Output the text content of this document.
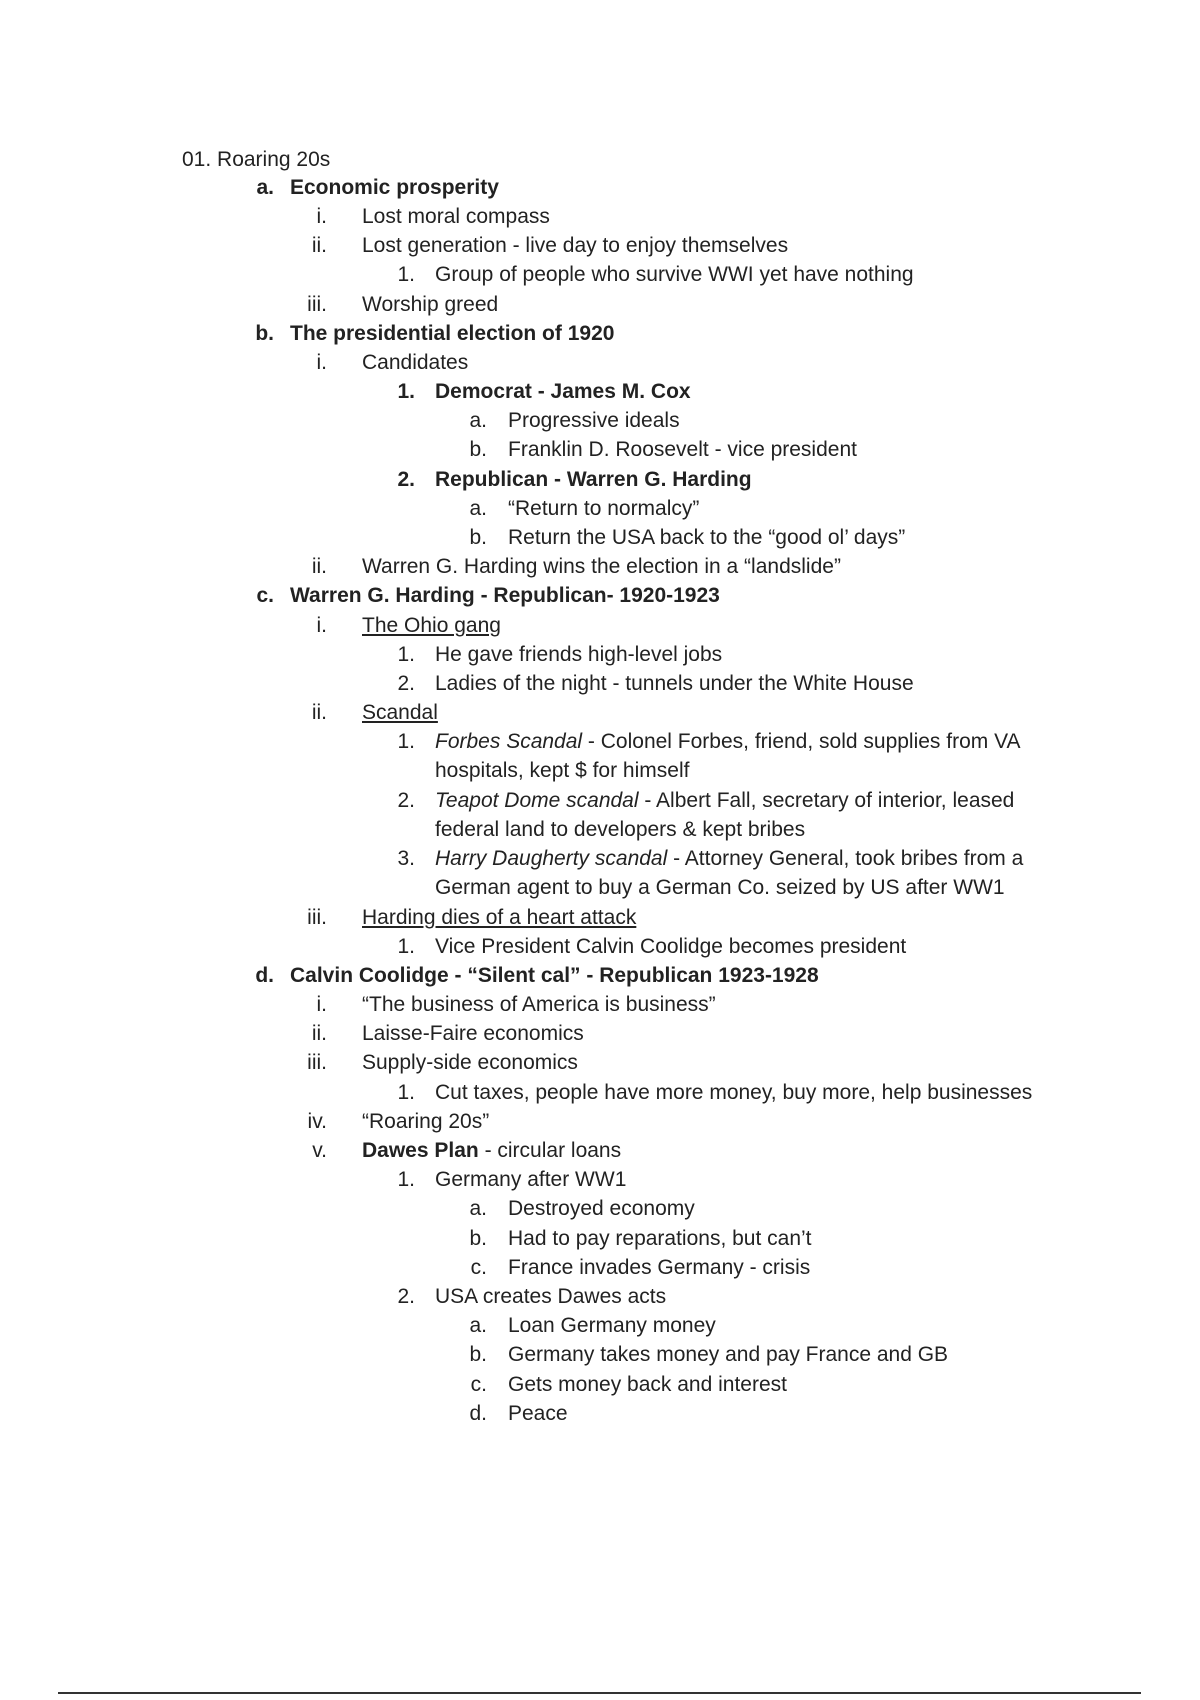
01. Roaring 20s
a. Economic prosperity
i. Lost moral compass
ii. Lost generation - live day to enjoy themselves
1. Group of people who survive WWI yet have nothing
iii. Worship greed
b. The presidential election of 1920
i. Candidates
1. Democrat - James M. Cox
a. Progressive ideals
b. Franklin D. Roosevelt - vice president
2. Republican - Warren G. Harding
a. “Return to normalcy”
b. Return the USA back to the “good ol’ days”
ii. Warren G. Harding wins the election in a “landslide”
c. Warren G. Harding - Republican- 1920-1923
i. The Ohio gang
1. He gave friends high-level jobs
2. Ladies of the night - tunnels under the White House
ii. Scandal
1. Forbes Scandal - Colonel Forbes, friend, sold supplies from VA
hospitals, kept $ for himself
2. Teapot Dome scandal - Albert Fall, secretary of interior, leased
federal land to developers & kept bribes
3. Harry Daugherty scandal - Attorney General, took bribes from a
German agent to buy a German Co. seized by US after WW1
iii. Harding dies of a heart attack
1. Vice President Calvin Coolidge becomes president
d. Calvin Coolidge - “Silent cal” - Republican 1923-1928
i. “The business of America is business”
ii. Laisse-Faire economics
iii. Supply-side economics
1. Cut taxes, people have more money, buy more, help businesses
iv. “Roaring 20s”
v. Dawes Plan - circular loans
1. Germany after WW1
a. Destroyed economy
b. Had to pay reparations, but can’t
c. France invades Germany - crisis
2. USA creates Dawes acts
a. Loan Germany money
b. Germany takes money and pay France and GB
c. Gets money back and interest
d. Peace
